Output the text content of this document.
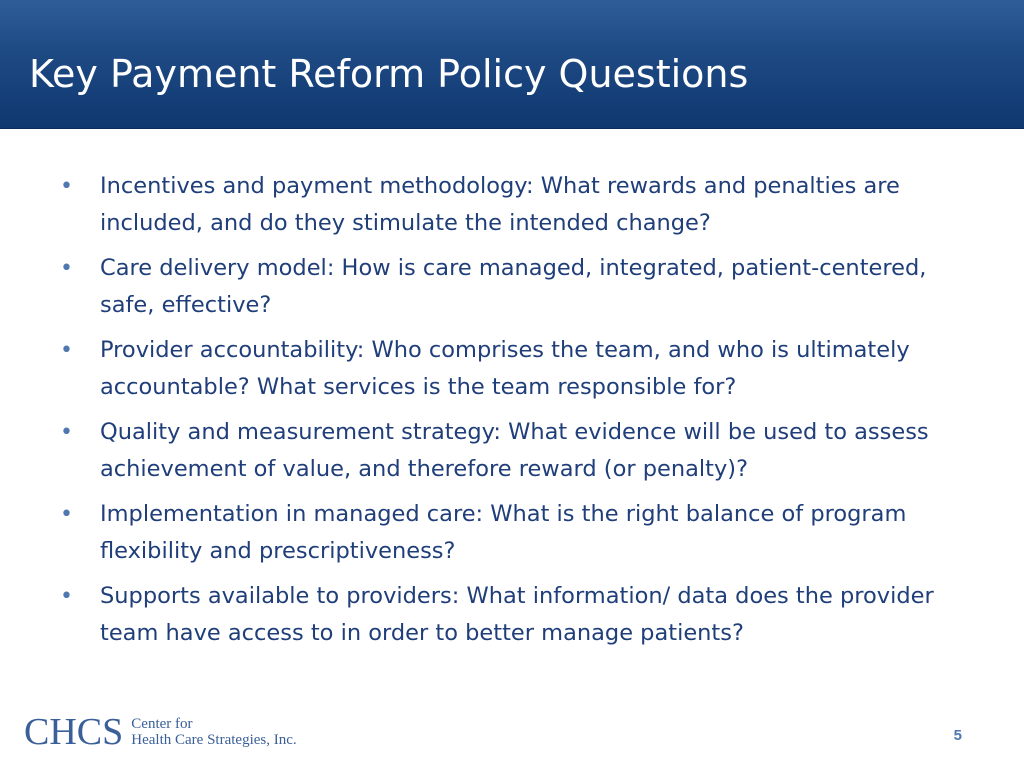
Key Payment Reform Policy Questions
• Incentives and payment methodology: What rewards and penalties are included, and do they stimulate the intended change?
• Care delivery model: How is care managed, integrated, patient-centered, safe, effective?
• Provider accountability: Who comprises the team, and who is ultimately accountable? What services is the team responsible for?
• Quality and measurement strategy: What evidence will be used to assess achievement of value, and therefore reward (or penalty)?
• Implementation in managed care: What is the right balance of program flexibility and prescriptiveness?
• Supports available to providers: What information/ data does the provider team have access to in order to better manage patients?
CHCS Center for
Health Care Strategies, Inc.	5
